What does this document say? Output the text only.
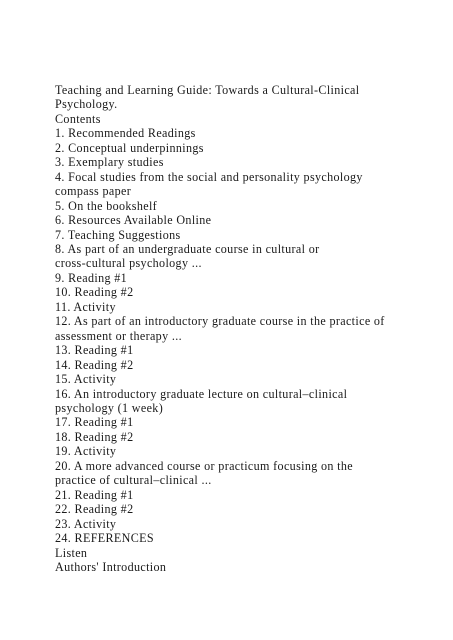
Teaching and Learning Guide: Towards a Cultural-Clinical

Psychology.

Contents

1. Recommended Readings

2. Conceptual underpinnings

3. Exemplary studies

4. Focal studies from the social and personality psychology

compass paper

5. On the bookshelf

6. Resources Available Online

7. Teaching Suggestions

8. As part of an undergraduate course in cultural or

cross-cultural psychology ...

9. Reading #1

10. Reading #2

11. Activity

12. As part of an introductory graduate course in the practice of

assessment or therapy ...

13. Reading #1

14. Reading #2

15. Activity

16. An introductory graduate lecture on cultural–clinical

psychology (1 week)

17. Reading #1

18. Reading #2

19. Activity

20. A more advanced course or practicum focusing on the

practice of cultural–clinical ...

21. Reading #1

22. Reading #2

23. Activity

24. REFERENCES

Listen

Authors' Introduction
